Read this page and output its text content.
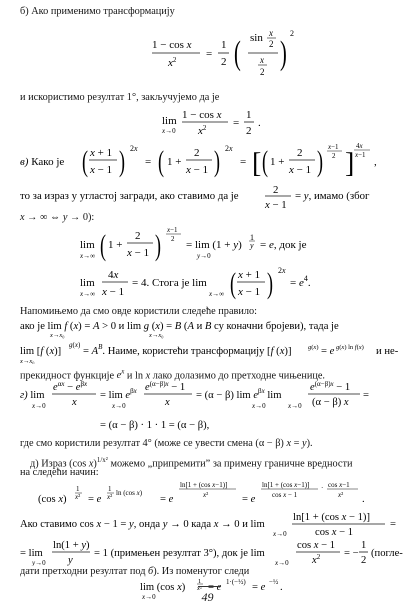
б) Ако применимо трансформацију
1 − cos x
$x^2$	=
1
2 ( sin x
2
x
2 )
2
и искористимо резултат 1°, закључујемо да је
lim
x→0
1 − cos x
$x^2$ =
1
2
.
в) Како је ( x + 1
x − 1 ) 2x
= ( 1 +
2
x − 1 ) 2x
= [ ( 1 +
2
x − 1 ) x−1
2 ]
4x
x−1
,
то за израз у угластој загради, ако ставимо да је	2
x − 1
= y, имамо (због
x → ∞ ⇔ y → 0):
lim
x→∞ ( 1 +
2
x − 1 ) x−1
2 = lim (1 + y)
y→0
1
y = e, док је
lim
x→∞
4x
x − 1
= 4. Стога је lim
x→∞ ( x + 1
x − 1 ) 2x
= $e^4$.
Напомињемо да смо овде користили следеће правило:
ако је lim f (x) = A > 0 и lim g (x) = B (A и B су коначни бројеви), тада је
x→x₀	x→x₀
lim [f (x)]
g(x)
= $A^B$. Наиме, користећи трансформацију [f (x)]	g(x) = e g(x) ln f(x) и не-
x→x₀
прекидност функције $e^x$ и ln x лако долазимо до претходне чињенице.
г) lim
x→0
$e^{\alpha x} - e^{\beta x}$
x
= $\lim e^{\beta x}$
x→0
$e^{(\alpha-\beta)x} - 1$
x
= (α − β) $\lim e^{\beta x}$ lim
x→0	x→0
$e^{(\alpha-\beta)x} - 1$
(α − β) x
=
= (α − β) · 1 · 1 = (α − β),
где смо користили резултат 4° (може се увести смена (α − β) x = y).
д) Израз (cos x)$^{1/x^2}$ можемо „припремити” за примену граничне вредности
на следећи начин:
(cos x)
1
x² = e
1
x² ln (cos x)
= e
ln[1 + (cos x−1)]
x²	= e
ln[1 + (cos x−1)]
cos x − 1
· cos x−1
x² .
Ако ставимо cos x − 1 = y, онда y → 0 када x → 0 и lim
x→0
ln[1 + (cos x − 1)]
cos x − 1
=
= lim
y→0
ln(1 + y)
y
= 1 (примењен резултат 3°), док је lim
x→0
cos x − 1
$x^2$ = −
1
2
(погле-
дати претходни резултат под б). Из поменутог следи
lim (cos x)
x→0
1
x² = e 1·(−½) = e −½ .
49
